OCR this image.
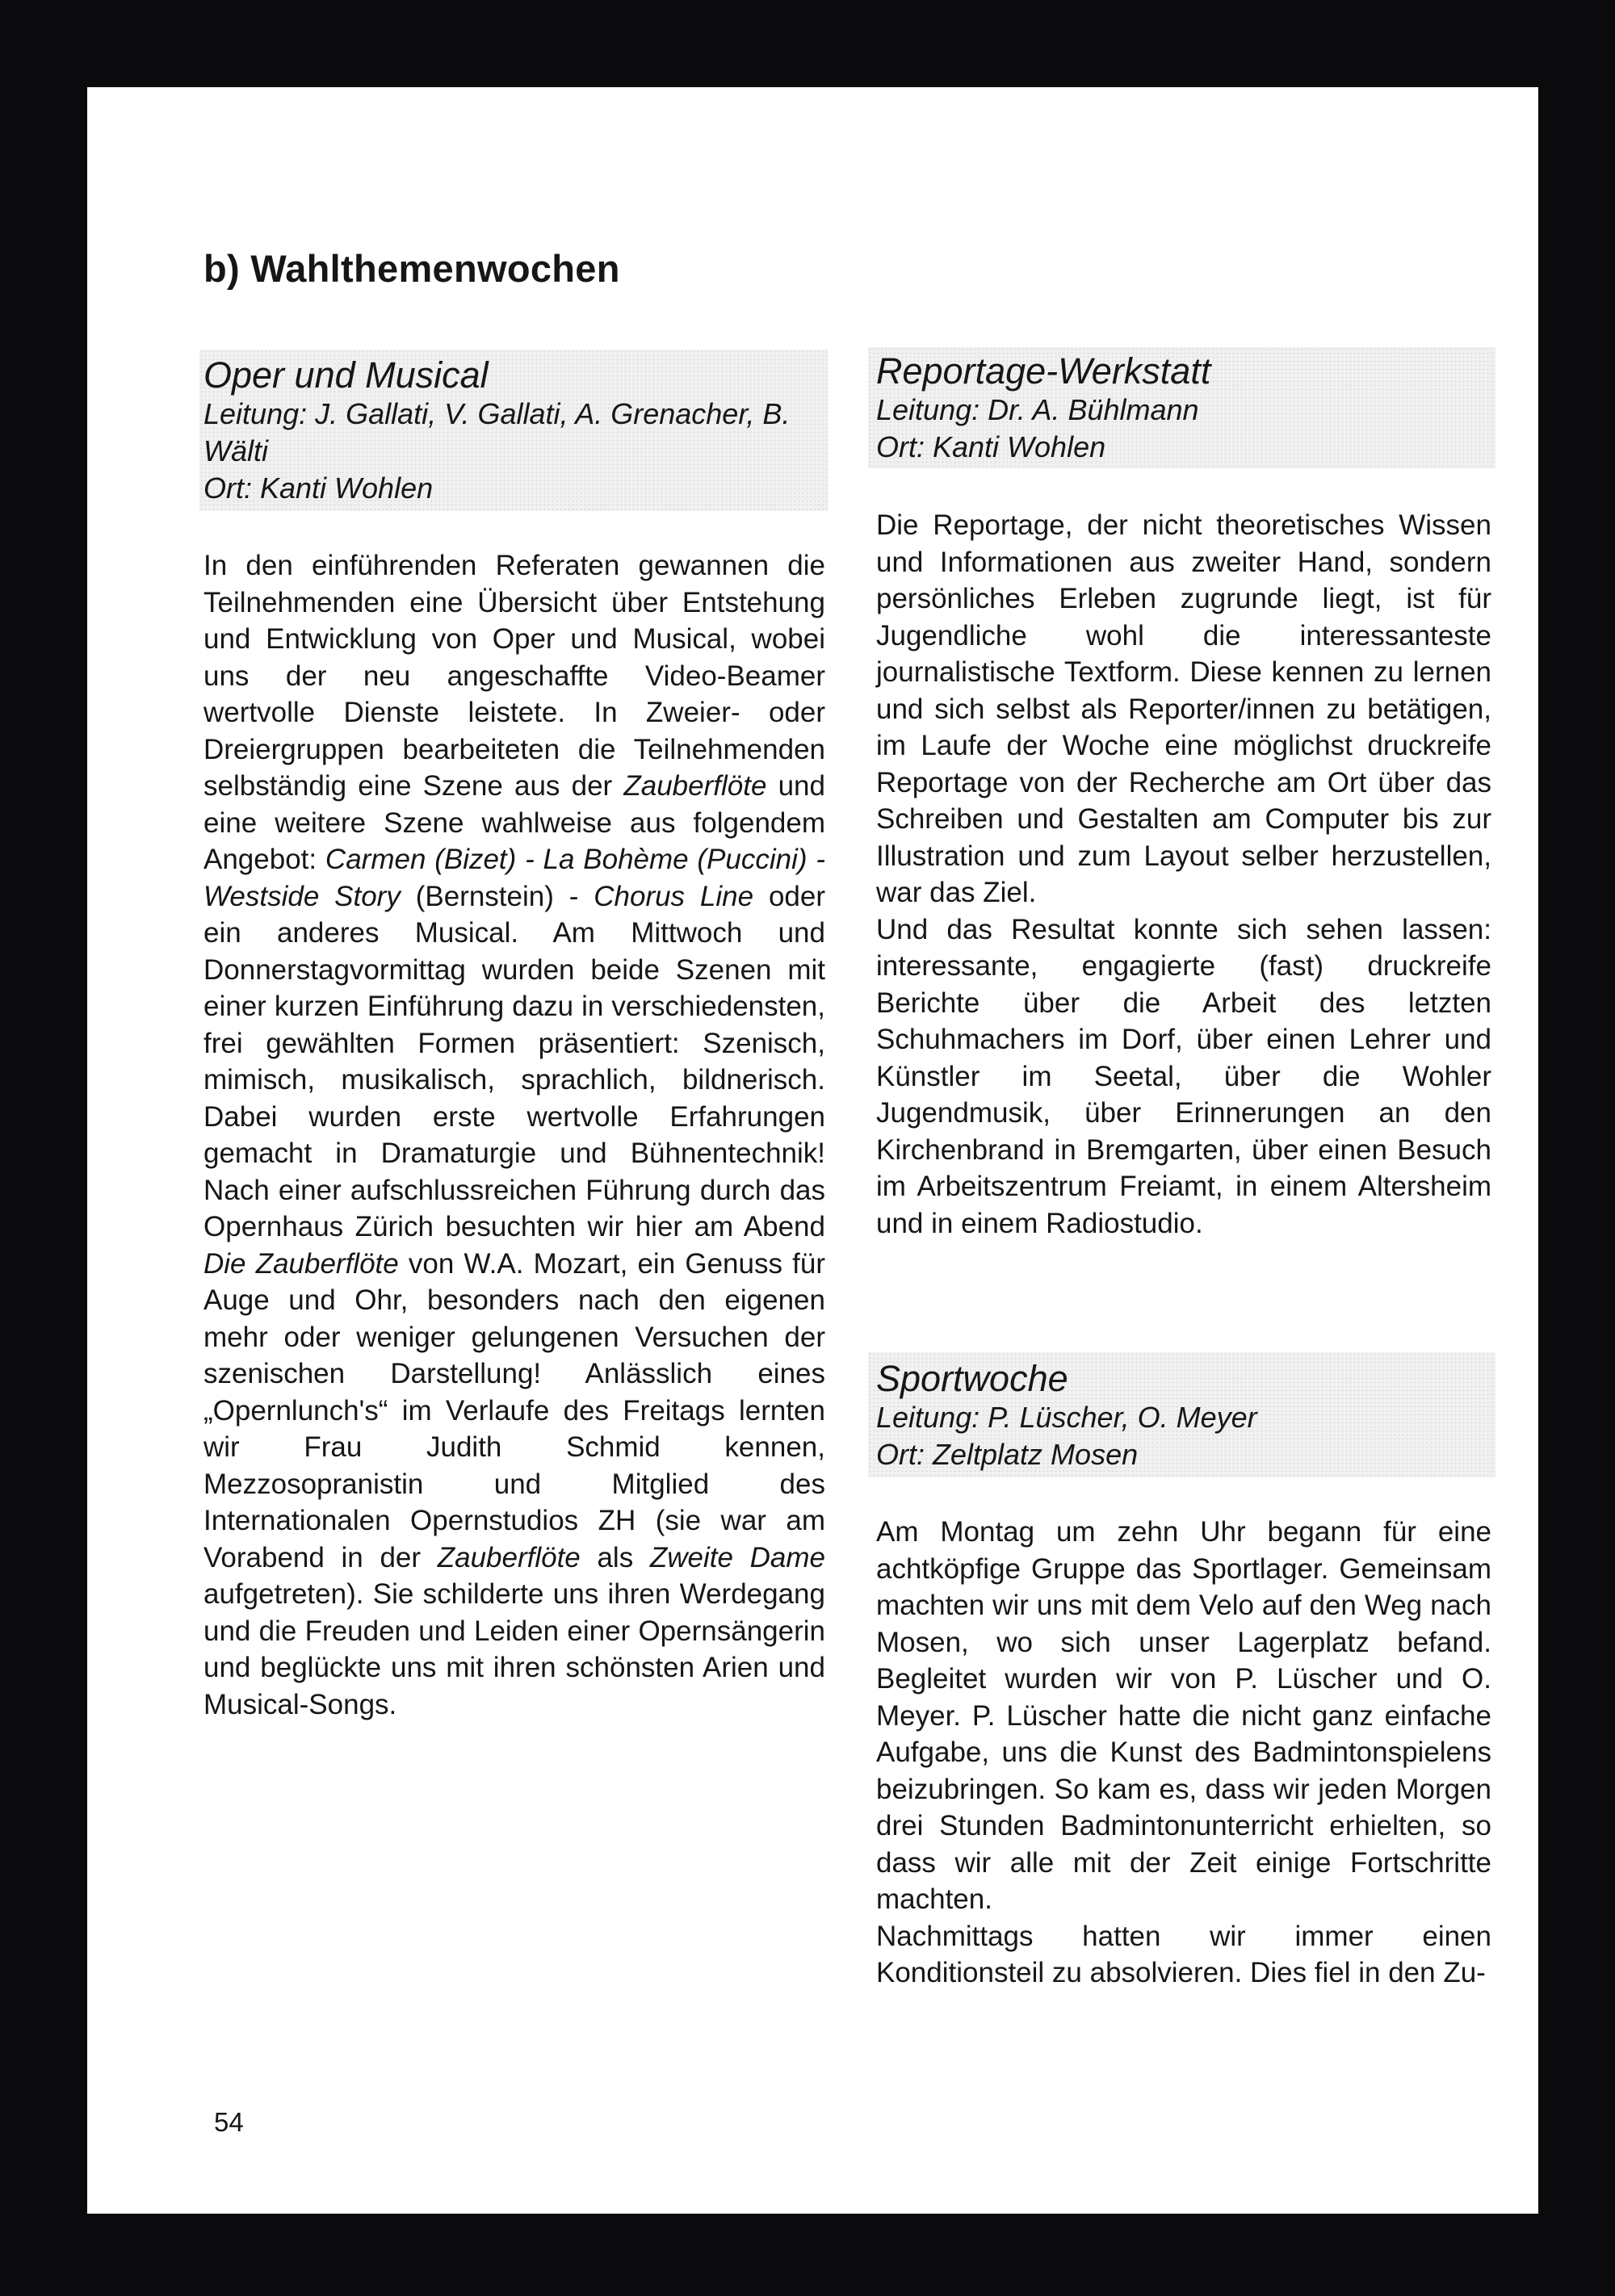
b) Wahlthemenwochen
Oper und Musical

Leitung: J. Gallati, V. Gallati, A. Grenacher, B. Wälti

Ort: Kanti Wohlen

In den einführenden Referaten gewannen die Teilnehmenden eine Übersicht über Entstehung und Entwicklung von Oper und Musical, wobei uns der neu angeschaffte Video-Beamer wertvolle Dienste leistete. In Zweier- oder Dreiergruppen bearbeiteten die Teilnehmenden selbständig eine Szene aus der Zauberflöte und eine weitere Szene wahlweise aus folgendem Angebot: Carmen (Bizet) - La Bohème (Puccini) - Westside Story (Bernstein) - Chorus Line oder ein anderes Musical. Am Mittwoch und Donnerstagvormittag wurden beide Szenen mit einer kurzen Einführung dazu in verschiedensten, frei gewählten Formen präsentiert: Szenisch, mimisch, musikalisch, sprachlich, bildnerisch. Dabei wurden erste wertvolle Erfahrungen gemacht in Dramaturgie und Bühnentechnik! Nach einer aufschlussreichen Führung durch das Opernhaus Zürich besuchten wir hier am Abend Die Zauberflöte von W.A. Mozart, ein Genuss für Auge und Ohr, besonders nach den eigenen mehr oder weniger gelungenen Versuchen der szenischen Darstellung! Anlässlich eines „Opernlunch's“ im Verlaufe des Freitags lernten wir Frau Judith Schmid kennen, Mezzosopranistin und Mitglied des Internationalen Opernstudios ZH (sie war am Vorabend in der Zauberflöte als Zweite Dame aufgetreten). Sie schilderte uns ihren Werdegang und die Freuden und Leiden einer Opernsängerin und beglückte uns mit ihren schönsten Arien und Musical-Songs.

Reportage-Werkstatt

Leitung: Dr. A. Bühlmann

Ort: Kanti Wohlen

Die Reportage, der nicht theoretisches Wissen und Informationen aus zweiter Hand, sondern persönliches Erleben zugrunde liegt, ist für Jugendliche wohl die interessanteste journalistische Textform. Diese kennen zu lernen und sich selbst als Reporter/innen zu betätigen, im Laufe der Woche eine möglichst druckreife Reportage von der Recherche am Ort über das Schreiben und Gestalten am Computer bis zur Illustration und zum Layout selber herzustellen, war das Ziel.

Und das Resultat konnte sich sehen lassen: interessante, engagierte (fast) druckreife Berichte über die Arbeit des letzten Schuhmachers im Dorf, über einen Lehrer und Künstler im Seetal, über die Wohler Jugendmusik, über Erinnerungen an den Kirchenbrand in Bremgarten, über einen Besuch im Arbeitszentrum Freiamt, in einem Altersheim und in einem Radiostudio.

Sportwoche

Leitung: P. Lüscher, O. Meyer

Ort: Zeltplatz Mosen

Am Montag um zehn Uhr begann für eine achtköpfige Gruppe das Sportlager. Gemeinsam machten wir uns mit dem Velo auf den Weg nach Mosen, wo sich unser Lagerplatz befand. Begleitet wurden wir von P. Lüscher und O. Meyer. P. Lüscher hatte die nicht ganz einfache Aufgabe, uns die Kunst des Badmintonspielens beizubringen. So kam es, dass wir jeden Morgen drei Stunden Badmintonunterricht erhielten, so dass wir alle mit der Zeit einige Fortschritte machten.

Nachmittags hatten wir immer einen Konditionsteil zu absolvieren. Dies fiel in den Zu-

54
